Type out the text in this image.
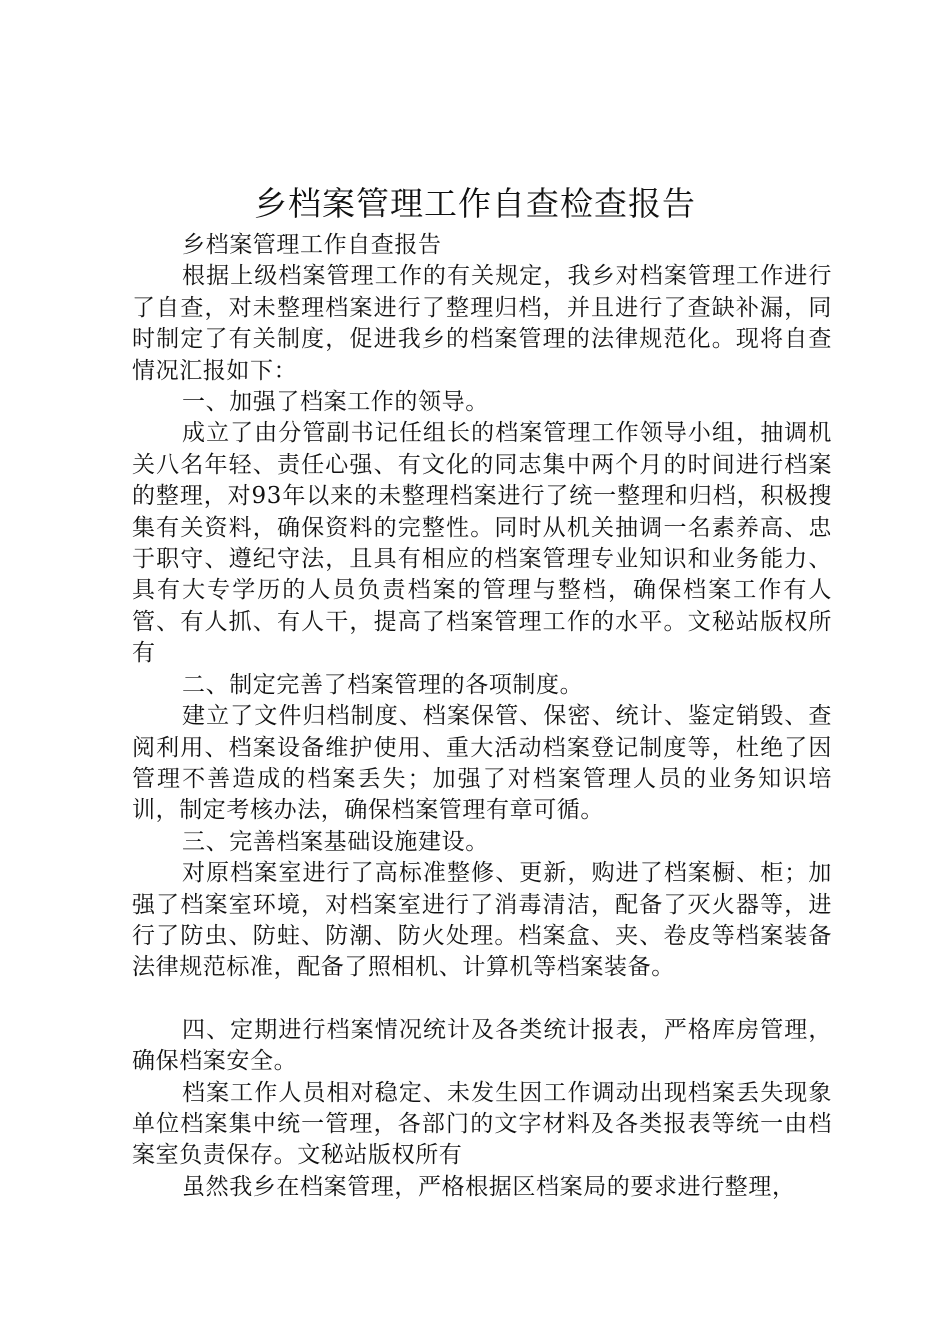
乡档案管理工作自查检查报告

乡档案管理工作自查报告

根据上级档案管理工作的有关规定，我乡对档案管理工作进行了自查，对未整理档案进行了整理归档，并且进行了查缺补漏，同时制定了有关制度，促进我乡的档案管理的法律规范化。现将自查情况汇报如下：

一、加强了档案工作的领导。

成立了由分管副书记任组长的档案管理工作领导小组，抽调机关八名年轻、责任心强、有文化的同志集中两个月的时间进行档案的整理，对93年以来的未整理档案进行了统一整理和归档，积极搜集有关资料，确保资料的完整性。同时从机关抽调一名素养高、忠于职守、遵纪守法，且具有相应的档案管理专业知识和业务能力、具有大专学历的人员负责档案的管理与整档，确保档案工作有人管、有人抓、有人干，提高了档案管理工作的水平。文秘站版权所有

二、制定完善了档案管理的各项制度。

建立了文件归档制度、档案保管、保密、统计、鉴定销毁、查阅利用、档案设备维护使用、重大活动档案登记制度等，杜绝了因管理不善造成的档案丢失；加强了对档案管理人员的业务知识培训，制定考核办法，确保档案管理有章可循。

三、完善档案基础设施建设。

对原档案室进行了高标准整修、更新，购进了档案橱、柜；加强了档案室环境，对档案室进行了消毒清洁，配备了灭火器等，进行了防虫、防蛀、防潮、防火处理。档案盒、夹、卷皮等档案装备法律规范标准，配备了照相机、计算机等档案装备。

四、定期进行档案情况统计及各类统计报表，严格库房管理，确保档案安全。

档案工作人员相对稳定、未发生因工作调动出现档案丢失现象单位档案集中统一管理，各部门的文字材料及各类报表等统一由档案室负责保存。文秘站版权所有

虽然我乡在档案管理，严格根据区档案局的要求进行整理，
